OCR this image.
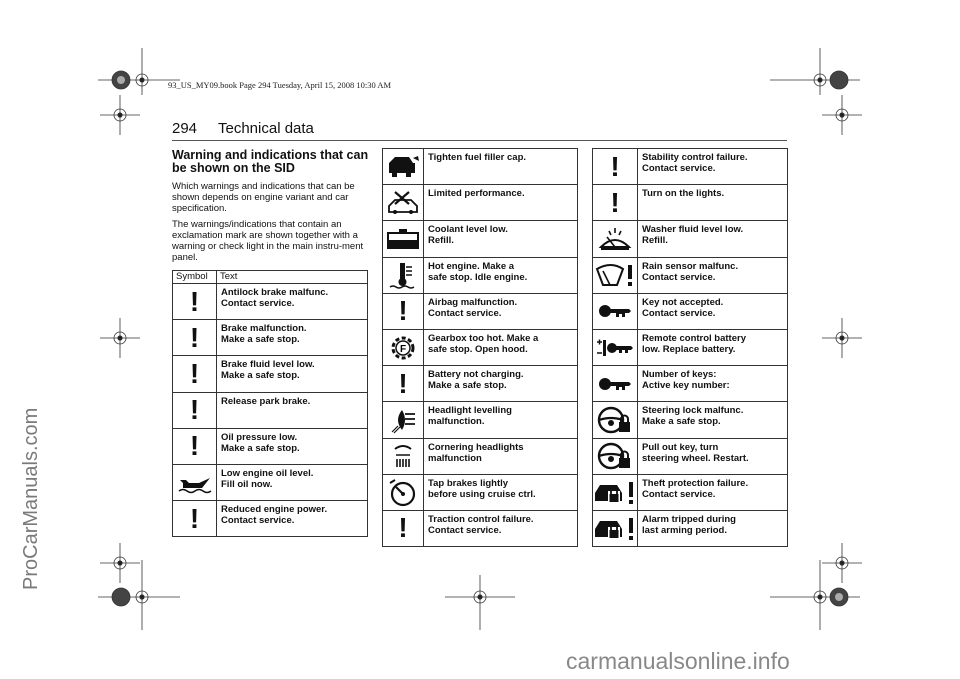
93_US_MY09.book Page 294 Tuesday, April 15, 2008 10:30 AM
294 Technical data
Warning and indications that can be shown on the SID

Which warnings and indications that can be shown depends on engine variant and car specification.

The warnings/indications that contain an exclamation mark are shown together with a warning or check light in the main instru-ment panel.

Symbol	Text

!	Antilock brake malfunc.
Contact service.

!	Brake malfunction.
Make a safe stop.

!	Brake fluid level low.
Make a safe stop.

!	Release park brake.

!	Oil pressure low.
Make a safe stop.

Low engine oil level.
Fill oil now.

!	Reduced engine power.
Contact service.

Tighten fuel filler cap.

Limited performance.

Coolant level low.
Refill.

Hot engine. Make a
safe stop. Idle engine.

!	Airbag malfunction.
Contact service.

F	Gearbox too hot. Make a
safe stop. Open hood.

!	Battery not charging.
Make a safe stop.

Headlight levelling
malfunction.

Cornering headlights
malfunction

Tap brakes lightly
before using cruise ctrl.

!	Traction control failure.
Contact service.
!	Stability control failure.
Contact service.

!	Turn on the lights.

Washer fluid level low.
Refill.

Rain sensor malfunc.
Contact service.

Key not accepted.
Contact service.

Remote control battery
low. Replace battery.

Number of keys:
Active key number:

Steering lock malfunc.
Make a safe stop.

Pull out key, turn
steering wheel. Restart.

Theft protection failure.
Contact service.

Alarm tripped during
last arming period.
ProCarManuals.com
carmanualsonline.info
